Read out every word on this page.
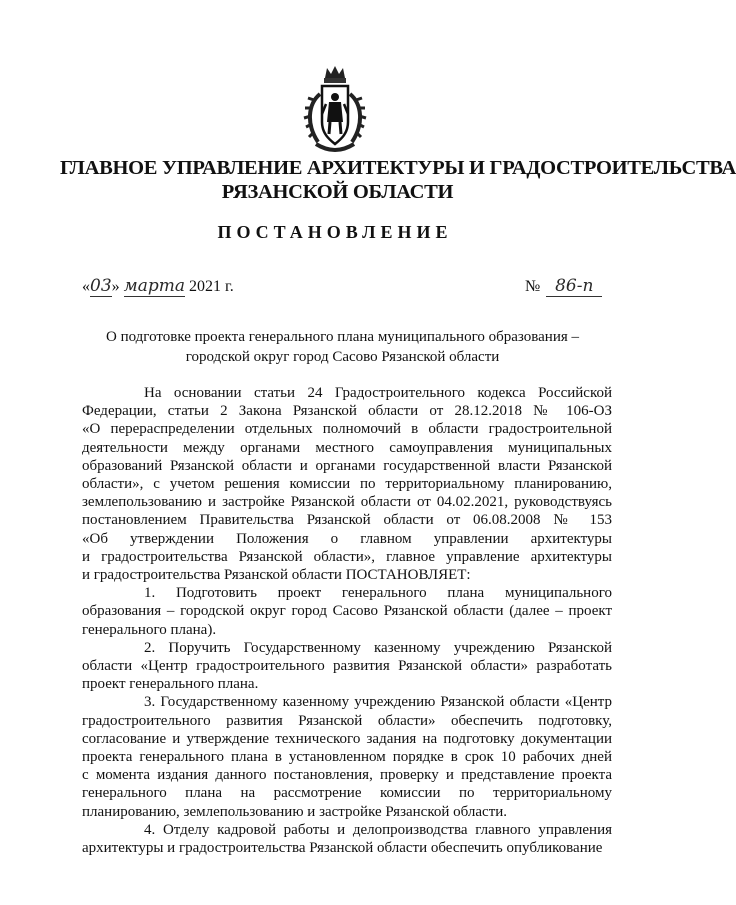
ГЛАВНОЕ УПРАВЛЕНИЕ АРХИТЕКТУРЫ И ГРАДОСТРОИТЕЛЬСТВА
РЯЗАНСКОЙ ОБЛАСТИ
ПОСТАНОВЛЕНИЕ
«03» марта 2021 г.	№ 86-п
О подготовке проекта генерального плана муниципального образования –
городской округ город Сасово Рязанской области
На основании статьи 24 Градостроительного кодекса Российской
Федерации, статьи 2 Закона Рязанской области от 28.12.2018 № 106-ОЗ
«О перераспределении отдельных полномочий в области градостроительной
деятельности между органами местного самоуправления муниципальных
образований Рязанской области и органами государственной власти Рязанской
области», с учетом решения комиссии по территориальному планированию,
землепользованию и застройке Рязанской области от 04.02.2021, руководствуясь
постановлением Правительства Рязанской области от 06.08.2008 № 153
«Об утверждении Положения о главном управлении архитектуры
и градостроительства Рязанской области», главное управление архитектуры
и градостроительства Рязанской области ПОСТАНОВЛЯЕТ:
1. Подготовить проект генерального плана муниципального
образования – городской округ город Сасово Рязанской области (далее – проект
генерального плана).
2. Поручить Государственному казенному учреждению Рязанской
области «Центр градостроительного развития Рязанской области» разработать
проект генерального плана.
3. Государственному казенному учреждению Рязанской области «Центр
градостроительного развития Рязанской области» обеспечить подготовку,
согласование и утверждение технического задания на подготовку документации
проекта генерального плана в установленном порядке в срок 10 рабочих дней
с момента издания данного постановления, проверку и представление проекта
генерального плана на рассмотрение комиссии по территориальному
планированию, землепользованию и застройке Рязанской области.
4. Отделу кадровой работы и делопроизводства главного управления
архитектуры и градостроительства Рязанской области обеспечить опубликование
